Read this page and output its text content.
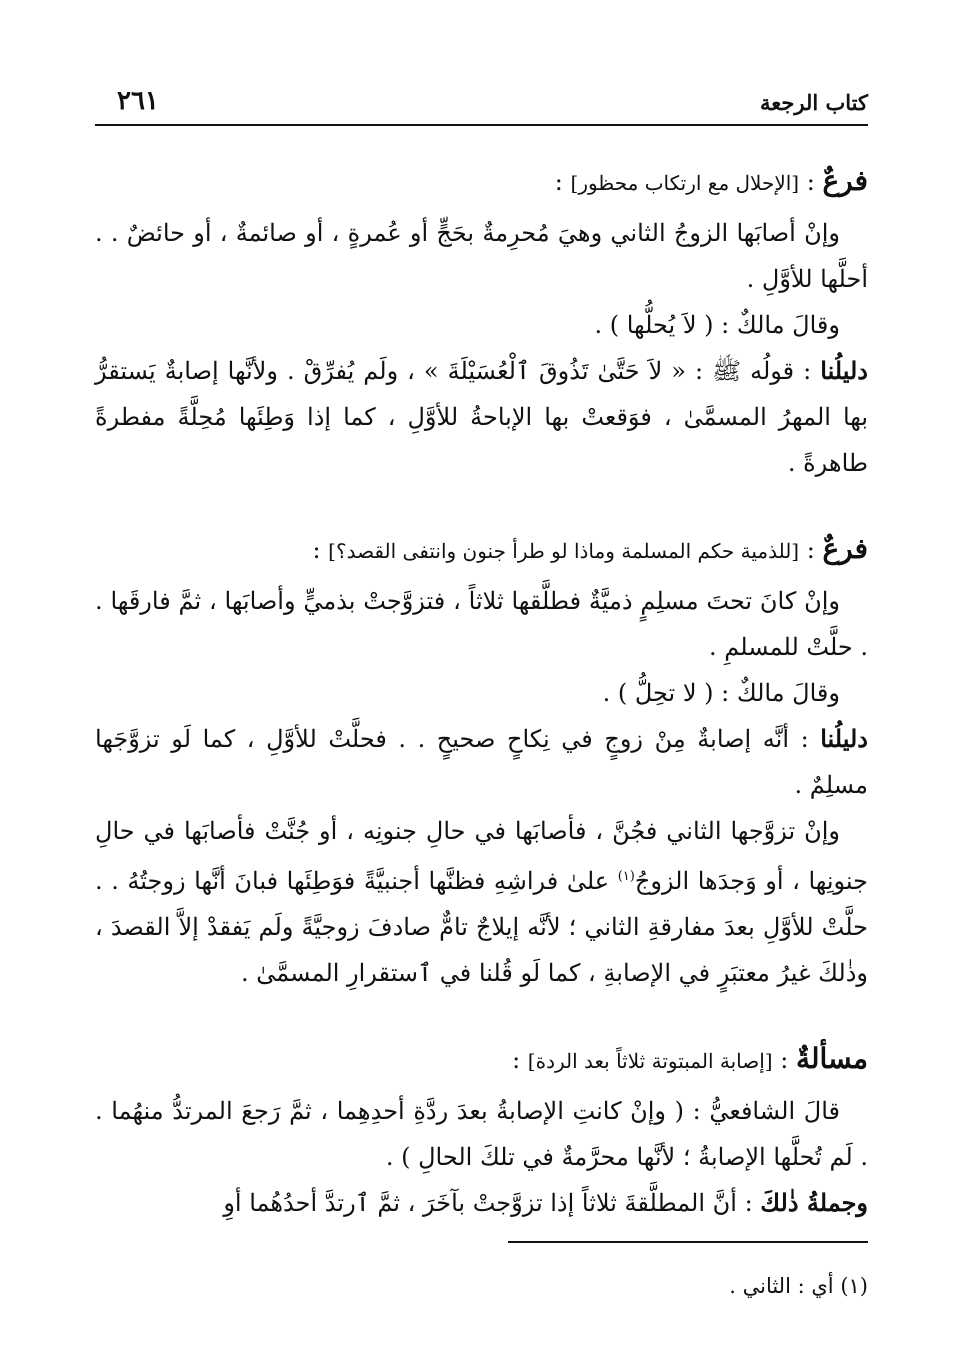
كتاب الرجعة
٢٦١

فرعٌ : [الإحلال مع ارتكاب محظور] :

وإنْ أصابَها الزوجُ الثاني وهيَ مُحرِمةٌ بحَجٍّ أو عُمرةٍ ، أو صائمةٌ ، أو حائضٌ . . أحلَّها للأوَّلِ .

وقالَ مالكٌ : ( لاَ يُحلُّها ) .

دليلُنا : قولُه ﷺ : « لاَ حَتَّىٰ تَذُوقَ ٱلْعُسَيْلَةَ » ، ولَم يُفرِّقْ . ولأنَّها إصابةٌ يَستقرُّ بها المهرُ المسمَّىٰ ، فوَقعتْ بها الإباحةُ للأوَّلِ ، كما إذا وَطِئَها مُحِلَّةً مفطرةً طاهرةً .

فرعٌ : [للذمية حكم المسلمة وماذا لو طرأ جنون وانتفى القصد؟] :

وإنْ كانَ تحتَ مسلِمٍ ذميَّةٌ فطلَّقها ثلاثاً ، فتزوَّجتْ بذميٍّ وأصابَها ، ثمَّ فارقَها . . حلَّتْ للمسلمِ .

وقالَ مالكٌ : ( لا تحِلُّ ) .

دليلُنا : أنَّه إصابةٌ مِنْ زوجٍ في نِكاحٍ صحيحٍ . . فحلَّتْ للأوَّلِ ، كما لَو تزوَّجَها مسلِمٌ .

وإنْ تزوَّجها الثاني فجُنَّ ، فأصابَها في حالِ جنونِه ، أو جُنَّتْ فأصابَها في حالِ جنونِها ، أو وَجدَها الزوجُ$^{(١)}$ علىٰ فراشِهِ فظنَّها أجنبيَّةً فوَطِئَها فبانَ أنَّها زوجتُهُ . . حلَّتْ للأوَّلِ بعدَ مفارقةِ الثاني ؛ لأنَّه إيلاجٌ تامٌّ صادفَ زوجيَّةً ولَم يَفقدْ إلاَّ القصدَ ، وذٰلكَ غيرُ معتبَرٍ في الإصابةِ ، كما لَو قُلنا في ٱستقرارِ المسمَّىٰ .

مسألةٌ : [إصابة المبتوتة ثلاثاً بعد الردة] :

قالَ الشافعيُّ : ( وإنْ كانتِ الإصابةُ بعدَ ردَّةِ أحدِهِما ، ثمَّ رَجعَ المرتدُّ منهُما . . لَم تُحلَّها الإصابةُ ؛ لأنَّها محرَّمةٌ في تلكَ الحالِ ) .

وجملةُ ذٰلكَ : أنَّ المطلَّقةَ ثلاثاً إذا تزوَّجتْ بآخَرَ ، ثمَّ ٱرتدَّ أحدُهُما أوِ

(١) أي : الثاني .
